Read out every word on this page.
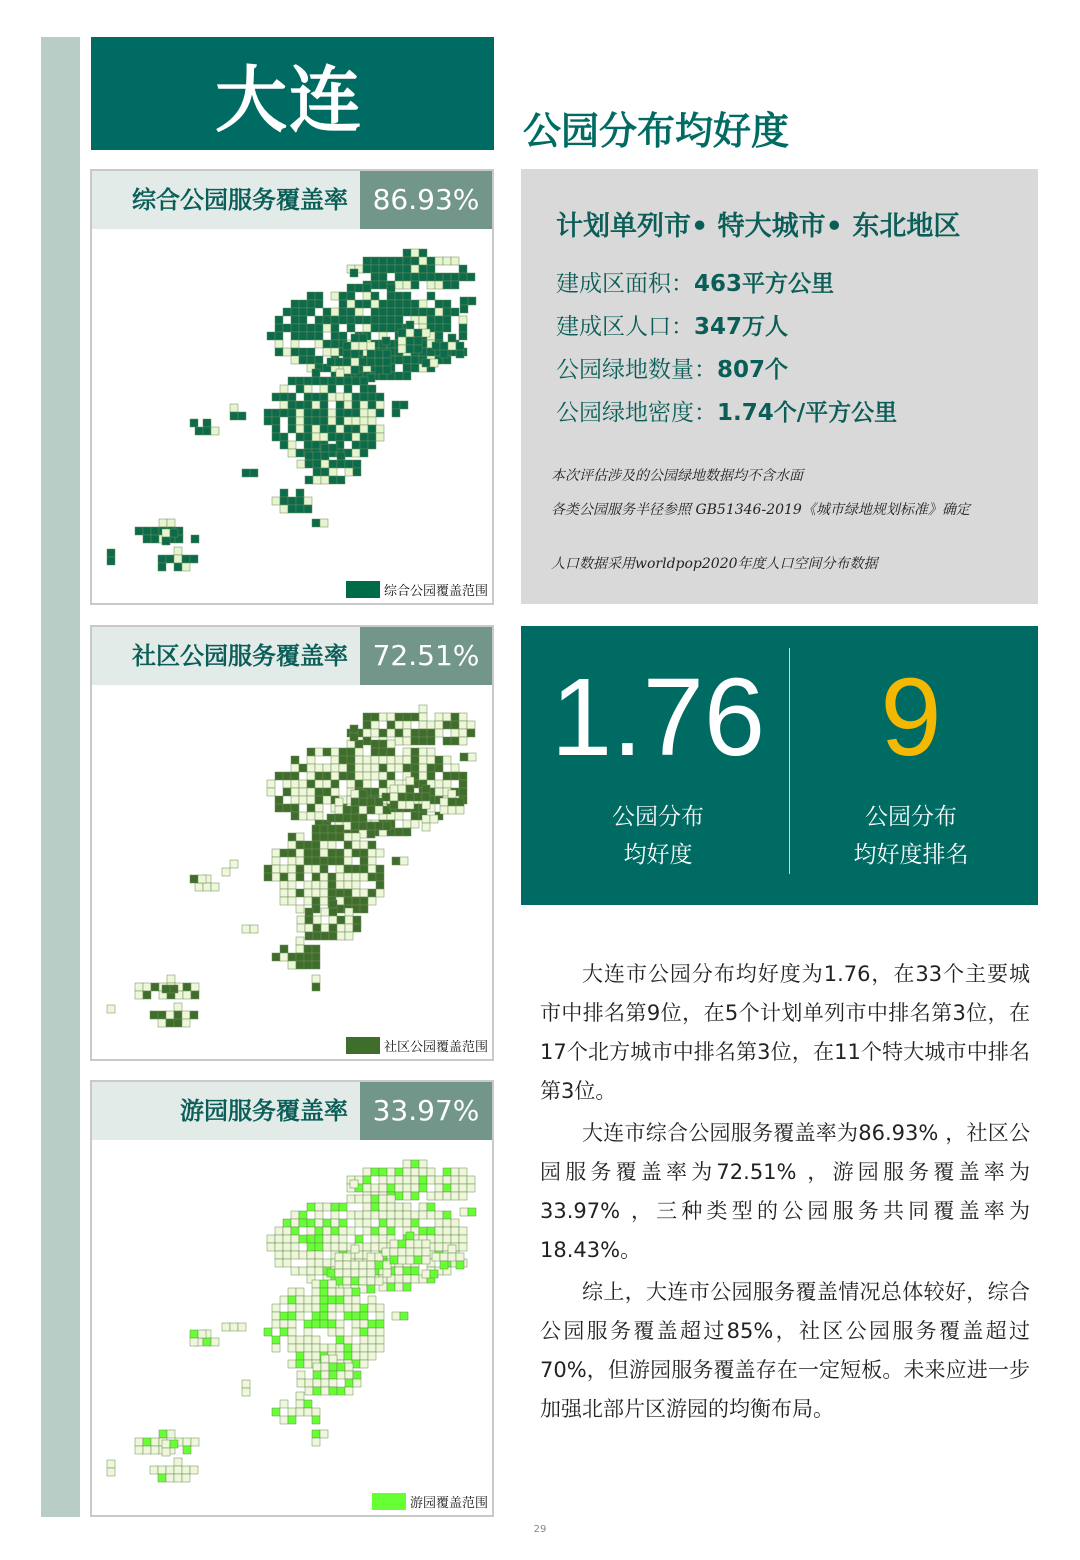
大连	公园分布均好度
综合公园服务覆盖率 86.93%
综合公园覆盖范围
社区公园服务覆盖率 72.51%
社区公园覆盖范围
游园服务覆盖率 33.97%
游园覆盖范围
计划单列市• 特大城市• 东北地区
建成区面积：463平方公里
建成区人口：347万人
公园绿地数量：807个
公园绿地密度：1.74个/平方公里
本次评估涉及的公园绿地数据均不含水面
各类公园服务半径参照 GB51346-2019《城市绿地规划标准》确定
人口数据采用worldpop2020年度人口空间分布数据
1.76
公园分布
均好度
9
公园分布
均好度排名

大连市公园分布均好度为1.76，在33个主要城市中排名第9位，在5个计划单列市中排名第3位，在17个北方城市中排名第3位，在11个特大城市中排名第3位。

大连市综合公园服务覆盖率为86.93% ，社区公园服务覆盖率为72.51% ，游园服务覆盖率为33.97% ，三种类型的公园服务共同覆盖率为18.43%。

综上，大连市公园服务覆盖情况总体较好，综合公园服务覆盖超过85%，社区公园服务覆盖超过70%，但游园服务覆盖存在一定短板。未来应进一步加强北部片区游园的均衡布局。

29
